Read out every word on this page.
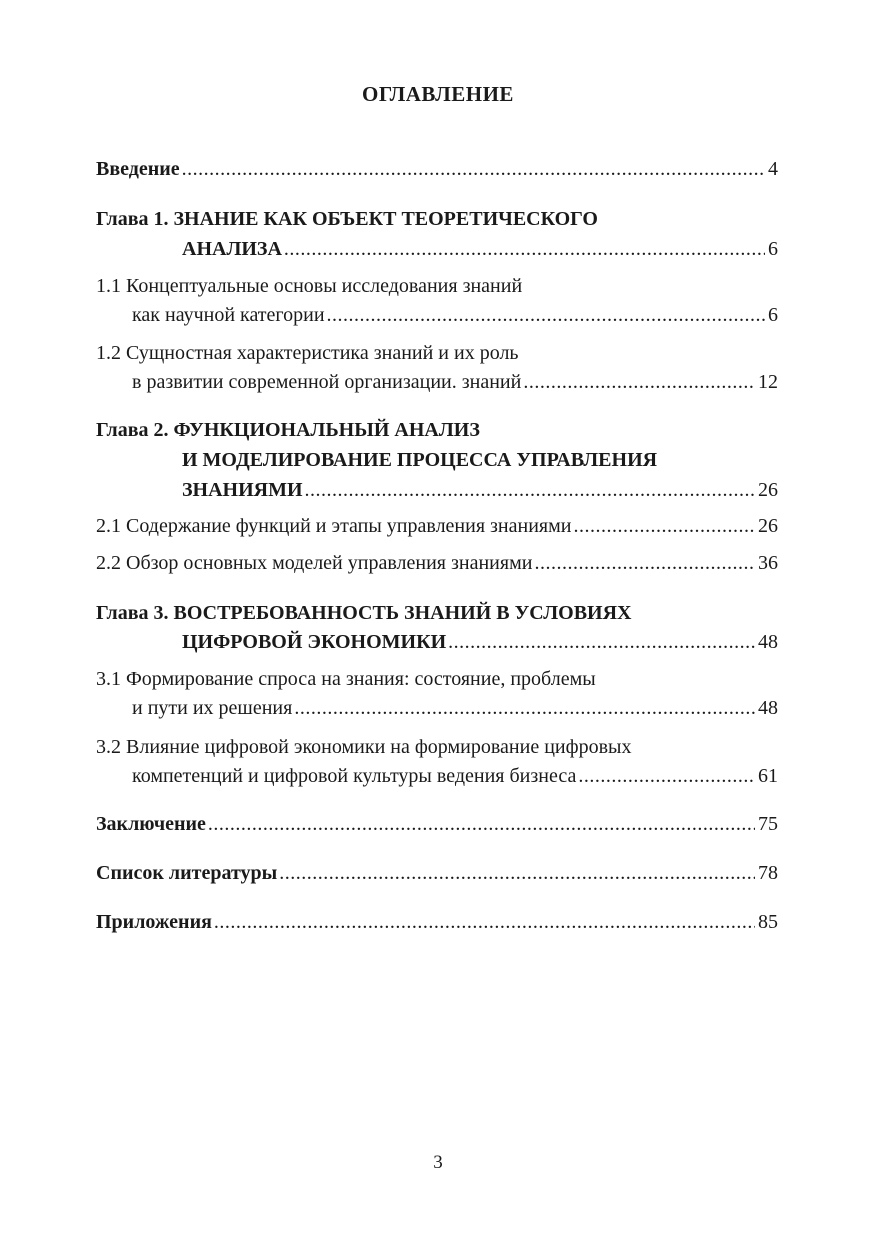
ОГЛАВЛЕНИЕ
Введение .....	4
Глава 1. ЗНАНИЕ КАК ОБЪЕКТ ТЕОРЕТИЧЕСКОГО
АНАЛИЗА .....	6
1.1 Концептуальные основы исследования знаний
как научной категории .....	6
1.2 Сущностная характеристика знаний и их роль
в развитии современной организации. знаний .....	12
Глава 2. ФУНКЦИОНАЛЬНЫЙ АНАЛИЗ
И МОДЕЛИРОВАНИЕ ПРОЦЕССА УПРАВЛЕНИЯ
ЗНАНИЯМИ .....	26
2.1 Содержание функций и этапы управления знаниями .....	26
2.2 Обзор основных моделей управления знаниями .....	36
Глава 3. ВОСТРЕБОВАННОСТЬ ЗНАНИЙ В УСЛОВИЯХ
ЦИФРОВОЙ ЭКОНОМИКИ .....	48
3.1 Формирование спроса на знания: состояние, проблемы
и пути их решения .....	48
3.2 Влияние цифровой экономики на формирование цифровых
компетенций и цифровой культуры ведения бизнеса .....	61
Заключение .....	75
Список литературы .....	78
Приложения .....	85
3
